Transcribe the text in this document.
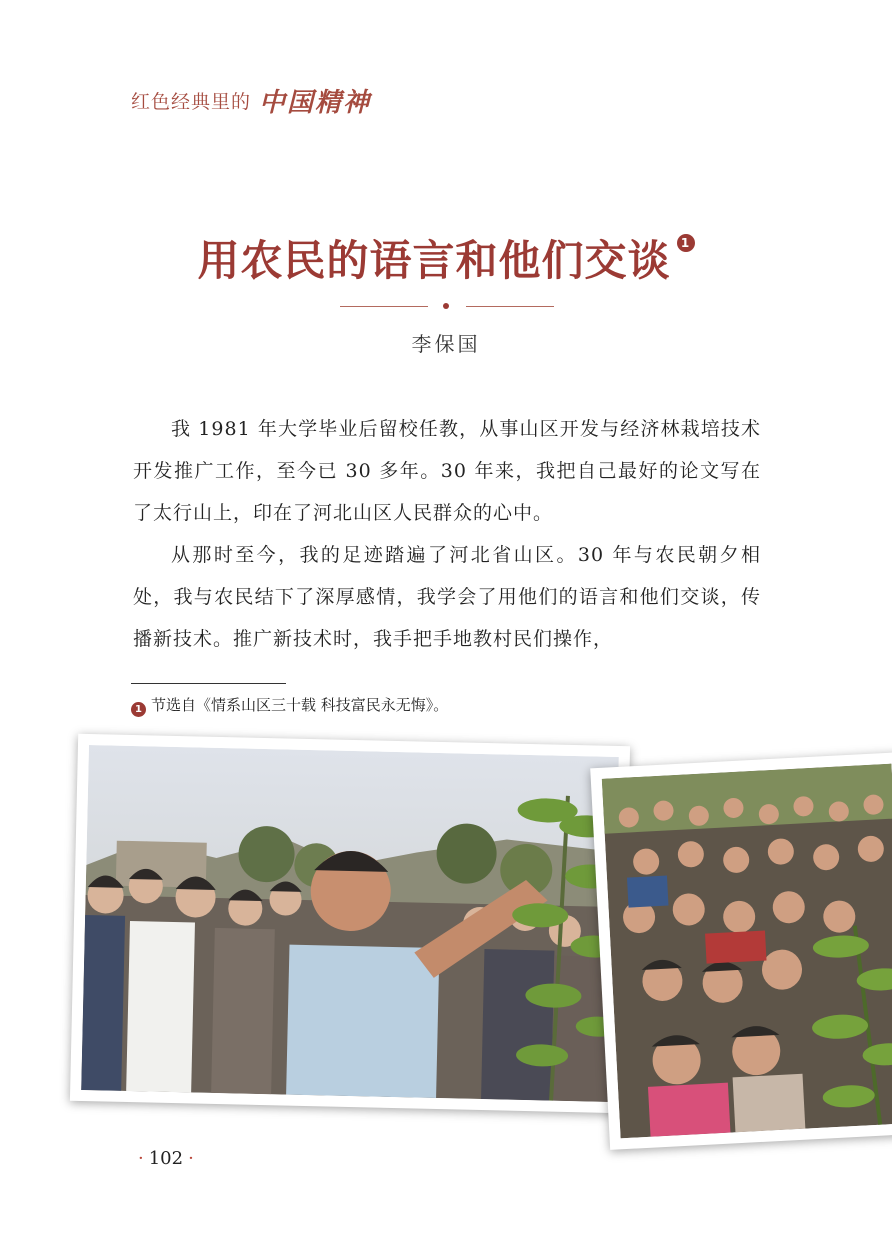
红色经典里的 中国精神
用农民的语言和他们交谈 1
李保国

我 1981 年大学毕业后留校任教，从事山区开发与经济林栽培技术开发推广工作，至今已 30 多年。30 年来，我把自己最好的论文写在了太行山上，印在了河北山区人民群众的心中。

从那时至今，我的足迹踏遍了河北省山区。30 年与农民朝夕相处，我与农民结下了深厚感情，我学会了用他们的语言和他们交谈，传播新技术。推广新技术时，我手把手地教村民们操作，

1 节选自《情系山区三十载 科技富民永无悔》。
· 102 ·
